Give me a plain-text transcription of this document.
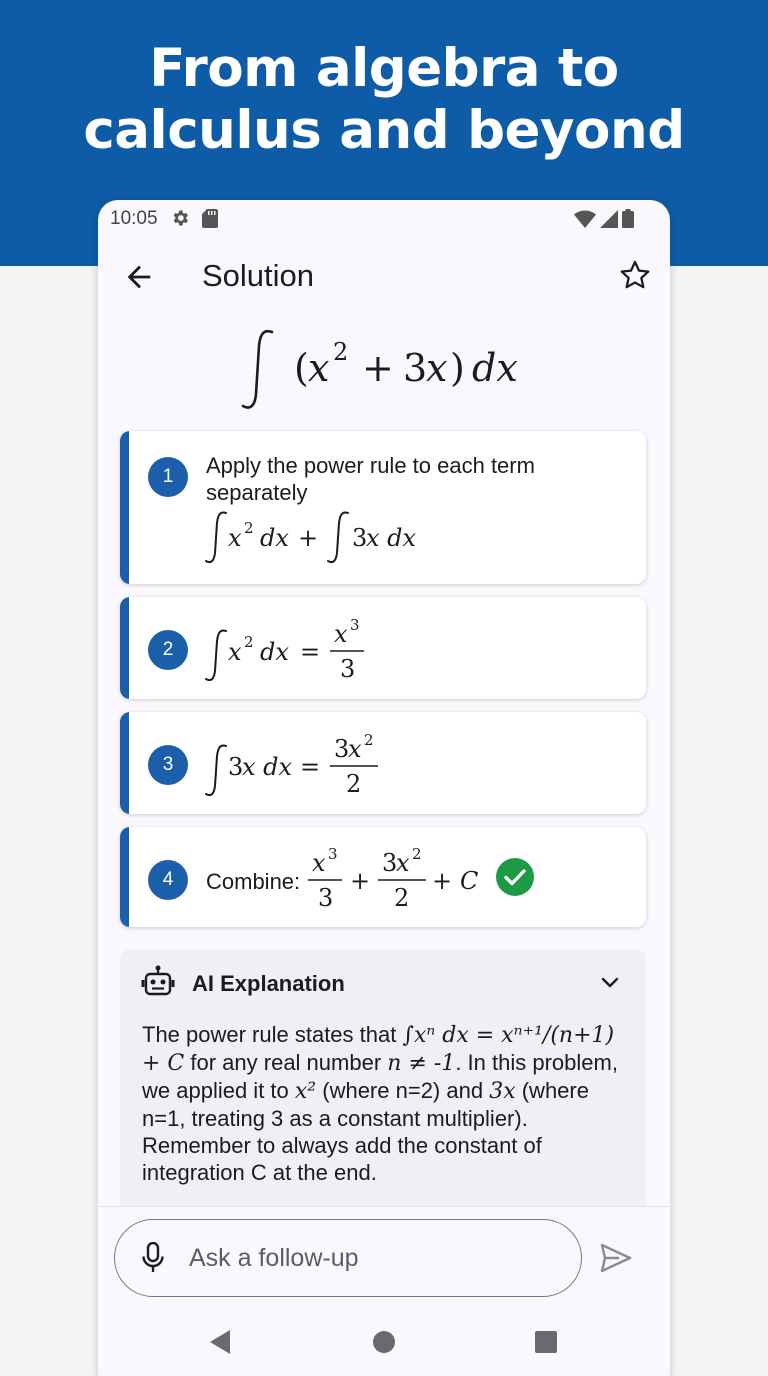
From algebra to
calculus and beyond
10:05
Solution
( x 2 + 3
x ) dx
1	Apply the power rule to each term separately
x 2 dx + 3
x dx
2	x 2 dx =
x 3
3
3	3
x dx =
3
x 2
2
4	Combine:
x 3
3
+
3
x 2
2
+ C
AI Explanation
The power rule states that ∫xⁿ dx = xⁿ⁺¹/(n+1) + C for any real number n ≠ -1. In this problem, we applied it to x² (where n=2) and 3x (where n=1, treating 3 as a constant multiplier). Remember to always add the constant of integration C at the end.
Ask a follow-up
